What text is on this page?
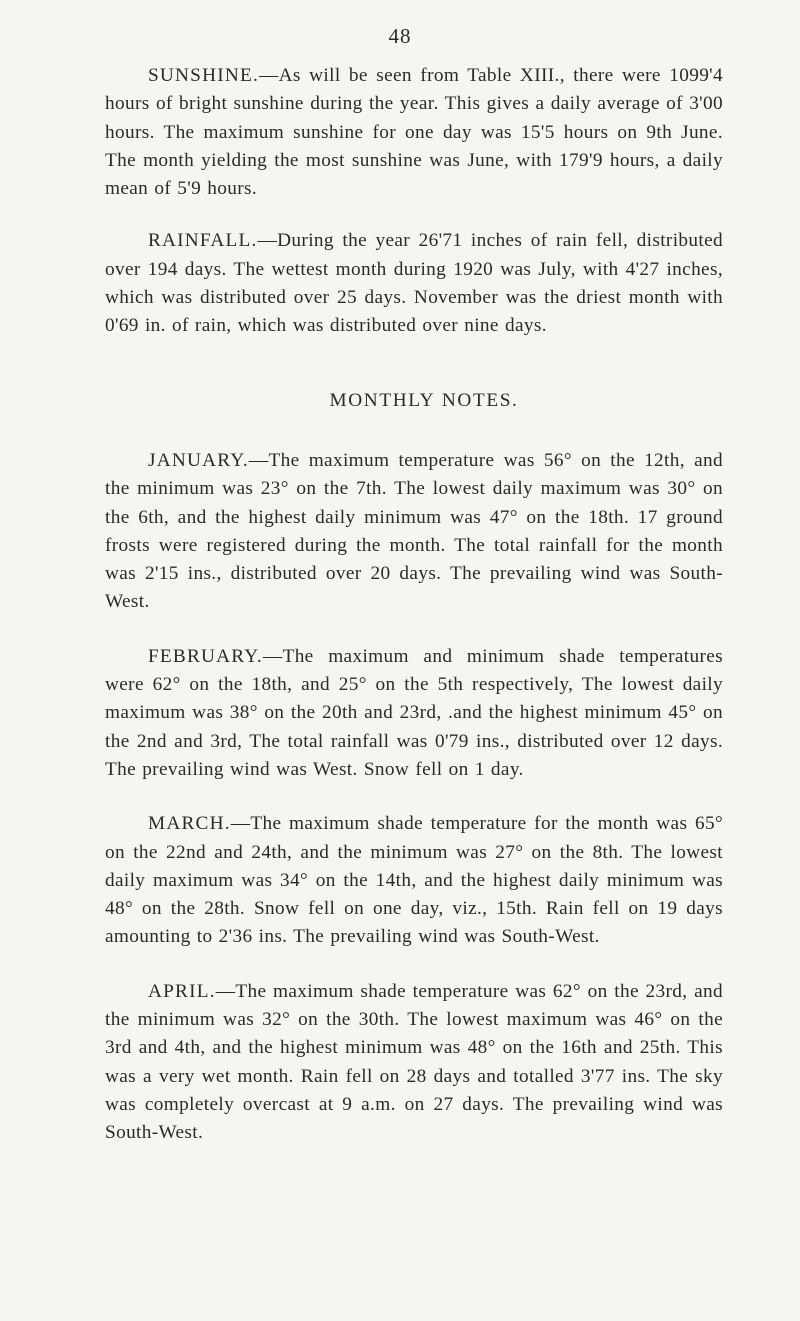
48

SUNSHINE.—As will be seen from Table XIII., there were 1099'4 hours of bright sunshine during the year. This gives a daily average of 3'00 hours. The maximum sunshine for one day was 15'5 hours on 9th June. The month yielding the most sunshine was June, with 179'9 hours, a daily mean of 5'9 hours.

RAINFALL.—During the year 26'71 inches of rain fell, distributed over 194 days. The wettest month during 1920 was July, with 4'27 inches, which was distributed over 25 days. November was the driest month with 0'69 in. of rain, which was distributed over nine days.

MONTHLY NOTES.

JANUARY.—The maximum temperature was 56° on the 12th, and the minimum was 23° on the 7th. The lowest daily maximum was 30° on the 6th, and the highest daily minimum was 47° on the 18th. 17 ground frosts were registered during the month. The total rainfall for the month was 2'15 ins., distributed over 20 days. The prevailing wind was South-West.

FEBRUARY.—The maximum and minimum shade temperatures were 62° on the 18th, and 25° on the 5th respectively, The lowest daily maximum was 38° on the 20th and 23rd, .and the highest minimum 45° on the 2nd and 3rd, The total rainfall was 0'79 ins., distributed over 12 days. The prevailing wind was West. Snow fell on 1 day.

MARCH.—The maximum shade temperature for the month was 65° on the 22nd and 24th, and the minimum was 27° on the 8th. The lowest daily maximum was 34° on the 14th, and the highest daily minimum was 48° on the 28th. Snow fell on one day, viz., 15th. Rain fell on 19 days amounting to 2'36 ins. The prevailing wind was South-West.

APRIL.—The maximum shade temperature was 62° on the 23rd, and the minimum was 32° on the 30th. The lowest maximum was 46° on the 3rd and 4th, and the highest minimum was 48° on the 16th and 25th. This was a very wet month. Rain fell on 28 days and totalled 3'77 ins. The sky was completely overcast at 9 a.m. on 27 days. The prevailing wind was South-West.
